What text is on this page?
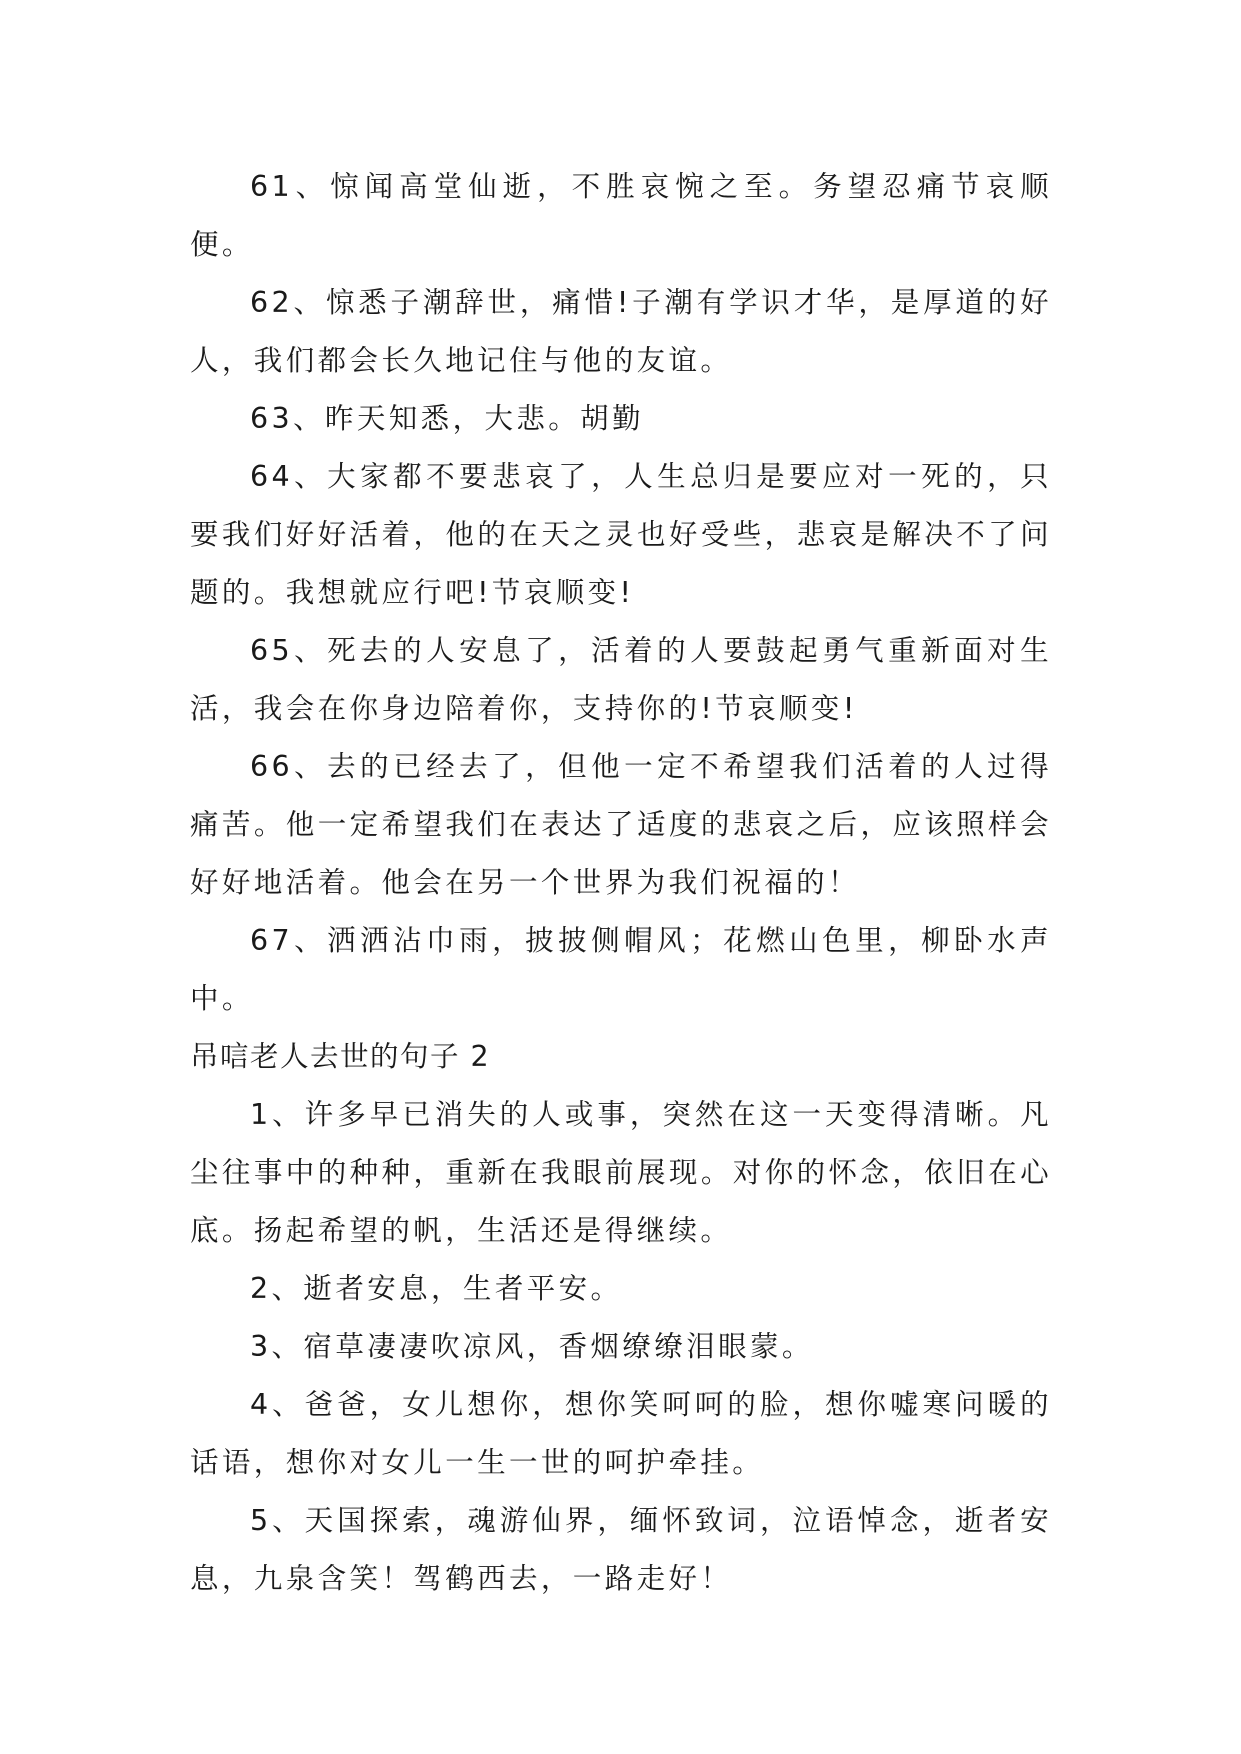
61、惊闻高堂仙逝，不胜哀惋之至。务望忍痛节哀顺便。

62、惊悉子潮辞世，痛惜!子潮有学识才华，是厚道的好人，我们都会长久地记住与他的友谊。

63、昨天知悉，大悲。胡勤

64、大家都不要悲哀了，人生总归是要应对一死的，只要我们好好活着，他的在天之灵也好受些，悲哀是解决不了问题的。我想就应行吧!节哀顺变!

65、死去的人安息了，活着的人要鼓起勇气重新面对生活，我会在你身边陪着你，支持你的!节哀顺变!

66、去的已经去了，但他一定不希望我们活着的人过得痛苦。他一定希望我们在表达了适度的悲哀之后，应该照样会好好地活着。他会在另一个世界为我们祝福的！

67、洒洒沾巾雨，披披侧帽风；花燃山色里，柳卧水声中。

吊唁老人去世的句子 2

1、许多早已消失的人或事，突然在这一天变得清晰。凡尘往事中的种种，重新在我眼前展现。对你的怀念，依旧在心底。扬起希望的帆，生活还是得继续。

2、逝者安息，生者平安。

3、宿草凄凄吹凉风，香烟缭缭泪眼蒙。

4、爸爸，女儿想你，想你笑呵呵的脸，想你嘘寒问暖的话语，想你对女儿一生一世的呵护牵挂。

5、天国探索，魂游仙界，缅怀致词，泣语悼念，逝者安息，九泉含笑！驾鹤西去，一路走好！
